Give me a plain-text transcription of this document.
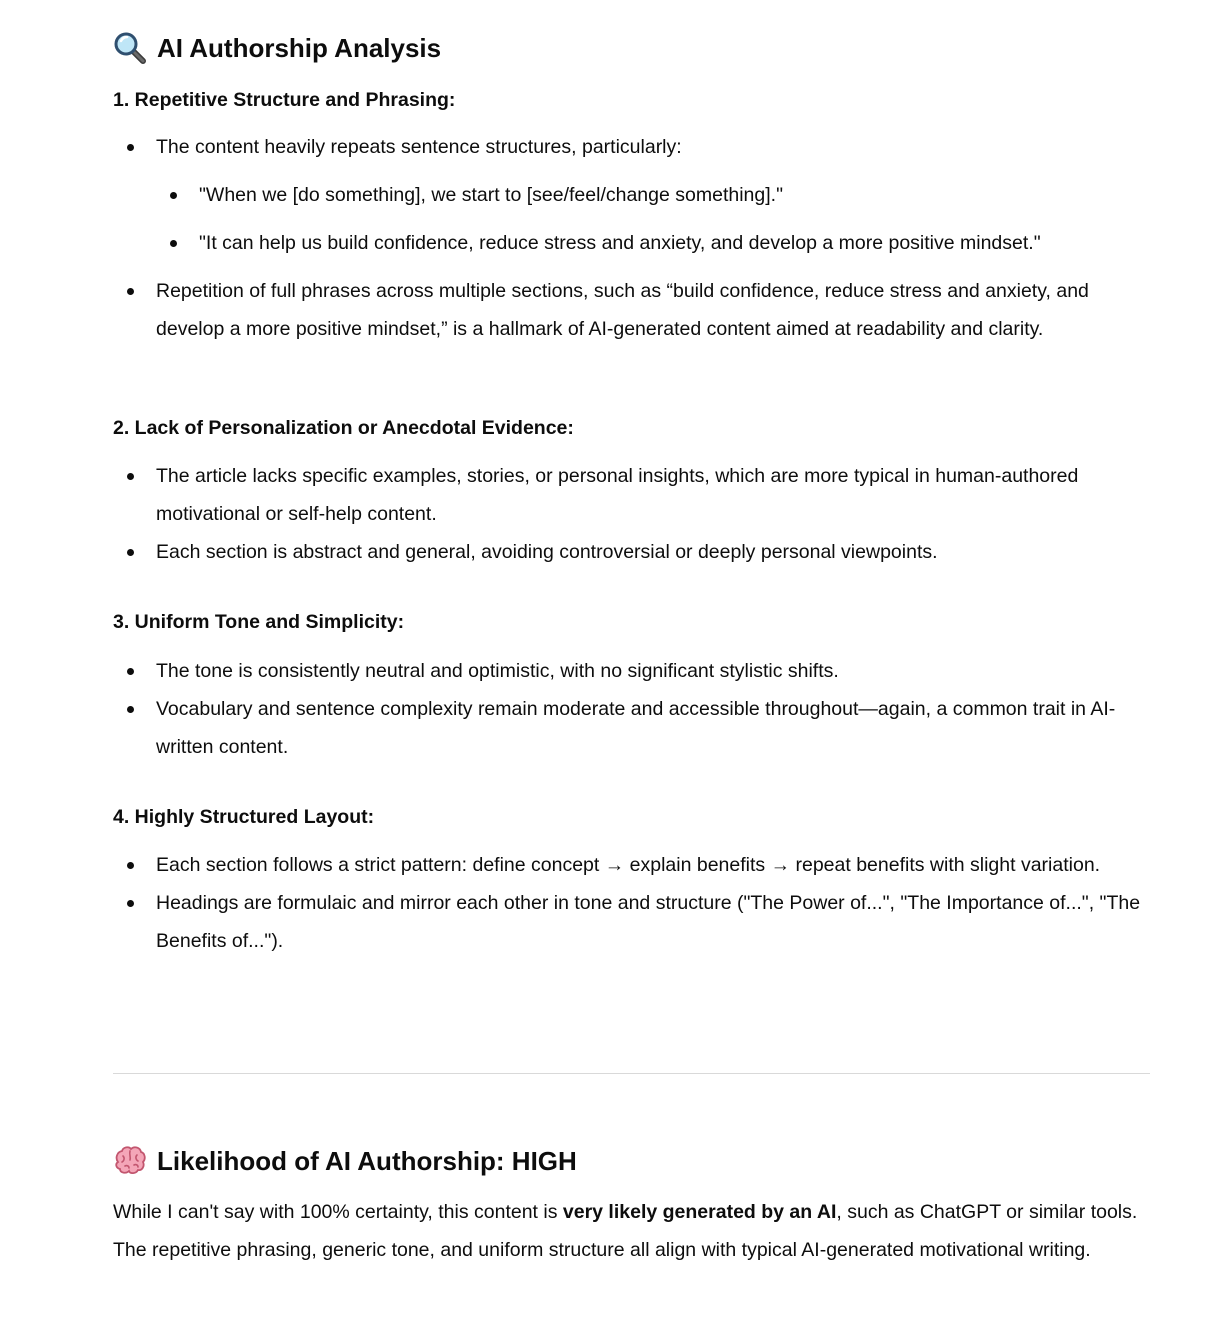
AI Authorship Analysis
1. Repetitive Structure and Phrasing:
The content heavily repeats sentence structures, particularly:
"When we [do something], we start to [see/feel/change something]."
"It can help us build confidence, reduce stress and anxiety, and develop a more positive mindset."
Repetition of full phrases across multiple sections, such as “build confidence, reduce stress and anxiety, and develop a more positive mindset,” is a hallmark of AI-generated content aimed at readability and clarity.
2. Lack of Personalization or Anecdotal Evidence:
The article lacks specific examples, stories, or personal insights, which are more typical in human-authored motivational or self-help content.
Each section is abstract and general, avoiding controversial or deeply personal viewpoints.
3. Uniform Tone and Simplicity:
The tone is consistently neutral and optimistic, with no significant stylistic shifts.
Vocabulary and sentence complexity remain moderate and accessible throughout—again, a common trait in AI-written content.
4. Highly Structured Layout:
Each section follows a strict pattern: define concept → explain benefits → repeat benefits with slight variation.
Headings are formulaic and mirror each other in tone and structure ("The Power of...", "The Importance of...", "The Benefits of...").
Likelihood of AI Authorship: HIGH

While I can't say with 100% certainty, this content is very likely generated by an AI, such as ChatGPT or similar tools. The repetitive phrasing, generic tone, and uniform structure all align with typical AI-generated motivational writing.
